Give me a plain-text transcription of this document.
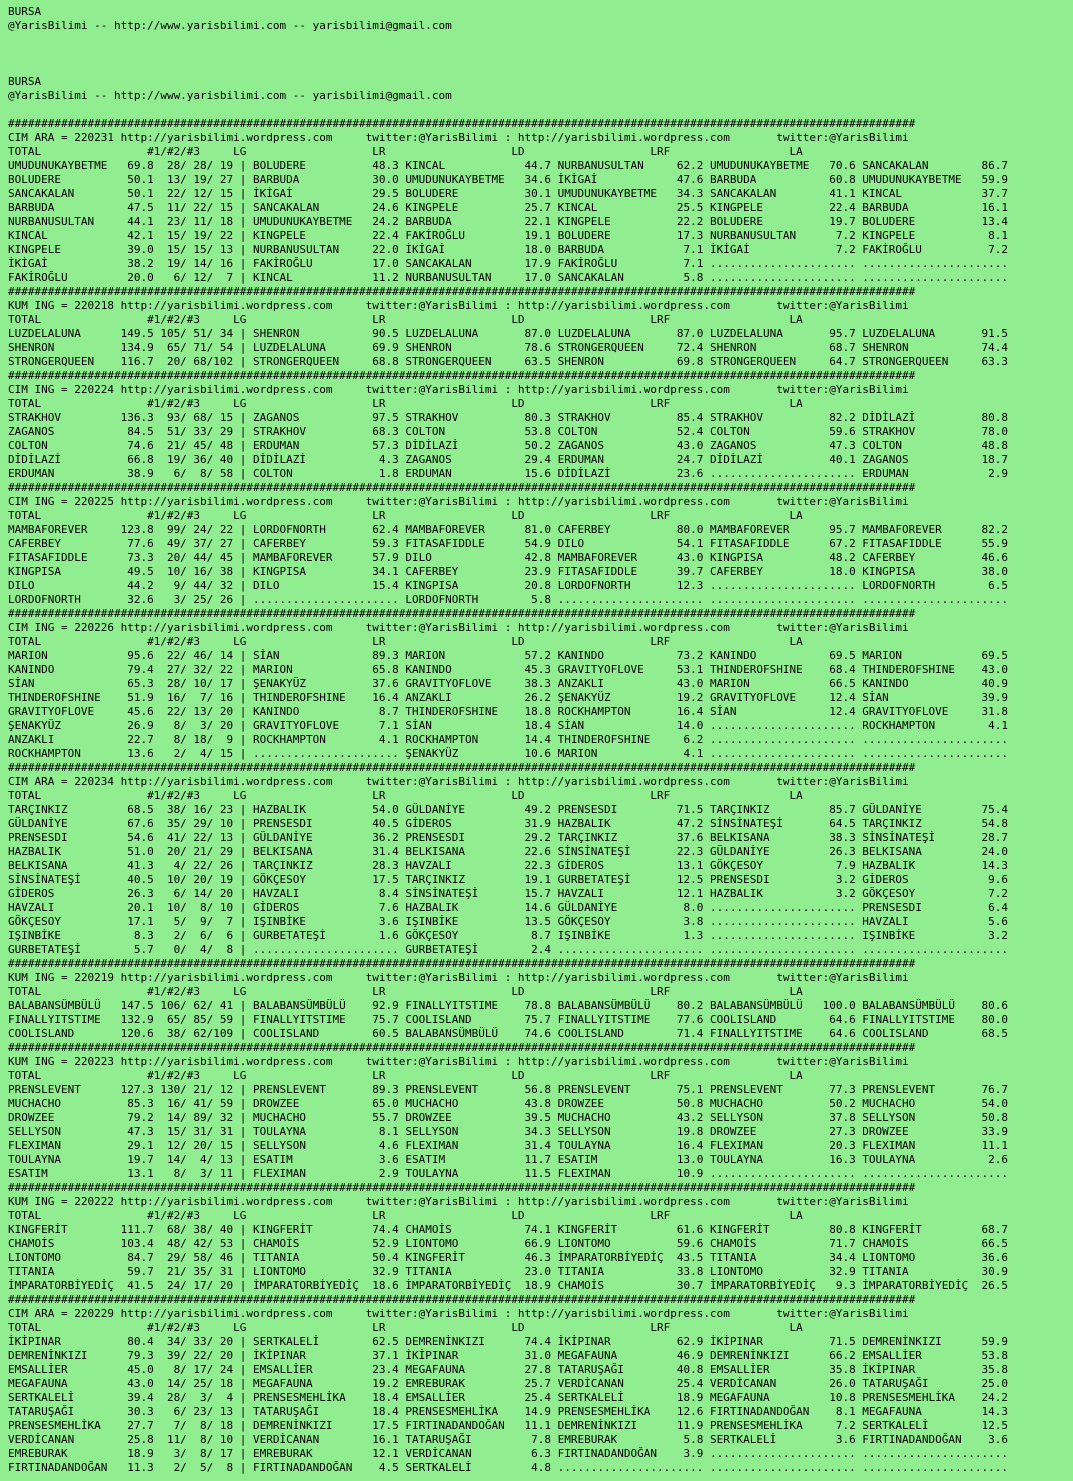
BURSA
@YarisBilimi -- http://www.yarisbilimi.com -- yarisbilimi@gmail.com

BURSA
@YarisBilimi -- http://www.yarisbilimi.com -- yarisbilimi@gmail.com

#########################################################################################################################################
CIM ARA = 220231 http://yarisbilimi.wordpress.com     twitter:@YarisBilimi : http://yarisbilimi.wordpress.com       twitter:@YarisBilimi
TOTAL                #1/#2/#3     LG                   LR                   LD                   LRF                  LA
UMUDUNUKAYBETME   69.8  28/ 28/ 19 | BOLUDERE          48.3 KINCAL            44.7 NURBANUSULTAN     62.2 UMUDUNUKAYBETME   70.6 SANCAKALAN        86.7
BOLUDERE          50.1  13/ 19/ 27 | BARBUDA           30.0 UMUDUNUKAYBETME   34.6 İKİGAİ            47.6 BARBUDA           60.8 UMUDUNUKAYBETME   59.9
SANCAKALAN        50.1  22/ 12/ 15 | İKİGAİ            29.5 BOLUDERE          30.1 UMUDUNUKAYBETME   34.3 SANCAKALAN        41.1 KINCAL            37.7
BARBUDA           47.5  11/ 22/ 15 | SANCAKALAN        24.6 KINGPELE          25.7 KINCAL            25.5 KINGPELE          22.4 BARBUDA           16.1
NURBANUSULTAN     44.1  23/ 11/ 18 | UMUDUNUKAYBETME   24.2 BARBUDA           22.1 KINGPELE          22.2 BOLUDERE          19.7 BOLUDERE          13.4
KINCAL            42.1  15/ 19/ 22 | KINGPELE          22.4 FAKİROĞLU         19.1 BOLUDERE          17.3 NURBANUSULTAN      7.2 KINGPELE           8.1
KINGPELE          39.0  15/ 15/ 13 | NURBANUSULTAN     22.0 İKİGAİ            18.0 BARBUDA            7.1 İKİGAİ             7.2 FAKİROĞLU          7.2
İKİGAİ            38.2  19/ 14/ 16 | FAKİROĞLU         17.0 SANCAKALAN        17.9 FAKİROĞLU          7.1 ...................... ......................
FAKİROĞLU         20.0   6/ 12/  7 | KINCAL            11.2 NURBANUSULTAN     17.0 SANCAKALAN         5.8 ...................... ......................
#########################################################################################################################################
KUM ING = 220218 http://yarisbilimi.wordpress.com     twitter:@YarisBilimi : http://yarisbilimi.wordpress.com       twitter:@YarisBilimi
TOTAL                #1/#2/#3     LG                   LR                   LD                   LRF                  LA
LUZDELALUNA      149.5 105/ 51/ 34 | SHENRON           90.5 LUZDELALUNA       87.0 LUZDELALUNA       87.0 LUZDELALUNA       95.7 LUZDELALUNA       91.5
SHENRON          134.9  65/ 71/ 54 | LUZDELALUNA       69.9 SHENRON           78.6 STRONGERQUEEN     72.4 SHENRON           68.7 SHENRON           74.4
STRONGERQUEEN    116.7  20/ 68/102 | STRONGERQUEEN     68.8 STRONGERQUEEN     63.5 SHENRON           69.8 STRONGERQUEEN     64.7 STRONGERQUEEN     63.3
#########################################################################################################################################
CIM ING = 220224 http://yarisbilimi.wordpress.com     twitter:@YarisBilimi : http://yarisbilimi.wordpress.com       twitter:@YarisBilimi
TOTAL                #1/#2/#3     LG                   LR                   LD                   LRF                  LA
STRAKHOV         136.3  93/ 68/ 15 | ZAGANOS           97.5 STRAKHOV          80.3 STRAKHOV          85.4 STRAKHOV          82.2 DİDİLAZİ          80.8
ZAGANOS           84.5  51/ 33/ 29 | STRAKHOV          68.3 COLTON            53.8 COLTON            52.4 COLTON            59.6 STRAKHOV          78.0
COLTON            74.6  21/ 45/ 48 | ERDUMAN           57.3 DİDİLAZİ          50.2 ZAGANOS           43.0 ZAGANOS           47.3 COLTON            48.8
DİDİLAZİ          66.8  19/ 36/ 40 | DİDİLAZİ           4.3 ZAGANOS           29.4 ERDUMAN           24.7 DİDİLAZİ          40.1 ZAGANOS           18.7
ERDUMAN           38.9   6/  8/ 58 | COLTON             1.8 ERDUMAN           15.6 DİDİLAZİ          23.6 ...................... ERDUMAN            2.9
#########################################################################################################################################
CIM ING = 220225 http://yarisbilimi.wordpress.com     twitter:@YarisBilimi : http://yarisbilimi.wordpress.com       twitter:@YarisBilimi
TOTAL                #1/#2/#3     LG                   LR                   LD                   LRF                  LA
MAMBAFOREVER     123.8  99/ 24/ 22 | LORDOFNORTH       62.4 MAMBAFOREVER      81.0 CAFERBEY          80.0 MAMBAFOREVER      95.7 MAMBAFOREVER      82.2
CAFERBEY          77.6  49/ 37/ 27 | CAFERBEY          59.3 FITASAFIDDLE      54.9 DILO              54.1 FITASAFIDDLE      67.2 FITASAFIDDLE      55.9
FITASAFIDDLE      73.3  20/ 44/ 45 | MAMBAFOREVER      57.9 DILO              42.8 MAMBAFOREVER      43.0 KINGPISA          48.2 CAFERBEY          46.6
KINGPISA          49.5  10/ 16/ 38 | KINGPISA          34.1 CAFERBEY          23.9 FITASAFIDDLE      39.7 CAFERBEY          18.0 KINGPISA          38.0
DILO              44.2   9/ 44/ 32 | DILO              15.4 KINGPISA          20.8 LORDOFNORTH       12.3 ...................... LORDOFNORTH        6.5
LORDOFNORTH       32.6   3/ 25/ 26 | ...................... LORDOFNORTH        5.8 ...................... ...................... ......................
#########################################################################################################################################
CIM ING = 220226 http://yarisbilimi.wordpress.com     twitter:@YarisBilimi : http://yarisbilimi.wordpress.com       twitter:@YarisBilimi
TOTAL                #1/#2/#3     LG                   LR                   LD                   LRF                  LA
MARION            95.6  22/ 46/ 14 | SİAN              89.3 MARION            57.2 KANINDO           73.2 KANINDO           69.5 MARION            69.5
KANINDO           79.4  27/ 32/ 22 | MARION            65.8 KANINDO           45.3 GRAVITYOFLOVE     53.1 THINDEROFSHINE    68.4 THINDEROFSHINE    43.0
SİAN              65.3  28/ 10/ 17 | ŞENAKYÜZ          37.6 GRAVITYOFLOVE     38.3 ANZAKLI           43.0 MARION            66.5 KANINDO           40.9
THINDEROFSHINE    51.9  16/  7/ 16 | THINDEROFSHINE    16.4 ANZAKLI           26.2 ŞENAKYÜZ          19.2 GRAVITYOFLOVE     12.4 SİAN              39.9
GRAVITYOFLOVE     45.6  22/ 13/ 20 | KANINDO            8.7 THINDEROFSHINE    18.8 ROCKHAMPTON       16.4 SİAN              12.4 GRAVITYOFLOVE     31.8
ŞENAKYÜZ          26.9   8/  3/ 20 | GRAVITYOFLOVE      7.1 SİAN              18.4 SİAN              14.0 ...................... ROCKHAMPTON        4.1
ANZAKLI           22.7   8/ 18/  9 | ROCKHAMPTON        4.1 ROCKHAMPTON       14.4 THINDEROFSHINE     6.2 ...................... ......................
ROCKHAMPTON       13.6   2/  4/ 15 | ...................... ŞENAKYÜZ          10.6 MARION             4.1 ...................... ......................
#########################################################################################################################################
CIM ARA = 220234 http://yarisbilimi.wordpress.com     twitter:@YarisBilimi : http://yarisbilimi.wordpress.com       twitter:@YarisBilimi
TOTAL                #1/#2/#3     LG                   LR                   LD                   LRF                  LA
TARÇINKIZ         68.5  38/ 16/ 23 | HAZBALIK          54.0 GÜLDANİYE         49.2 PRENSESDI         71.5 TARÇINKIZ         85.7 GÜLDANİYE         75.4
GÜLDANİYE         67.6  35/ 29/ 10 | PRENSESDI         40.5 GİDEROS           31.9 HAZBALIK          47.2 SİNSİNATEŞİ       64.5 TARÇINKIZ         54.8
PRENSESDI         54.6  41/ 22/ 13 | GÜLDANİYE         36.2 PRENSESDI         29.2 TARÇINKIZ         37.6 BELKISANA         38.3 SİNSİNATEŞİ       28.7
HAZBALIK          51.0  20/ 21/ 29 | BELKISANA         31.4 BELKISANA         22.6 SİNSİNATEŞİ       22.3 GÜLDANİYE         26.3 BELKISANA         24.0
BELKISANA         41.3   4/ 22/ 26 | TARÇINKIZ         28.3 HAVZALI           22.3 GİDEROS           13.1 GÖKÇESOY           7.9 HAZBALIK          14.3
SİNSİNATEŞİ       40.5  10/ 20/ 19 | GÖKÇESOY          17.5 TARÇINKIZ         19.1 GURBETATEŞİ       12.5 PRENSESDI          3.2 GİDEROS            9.6
GİDEROS           26.3   6/ 14/ 20 | HAVZALI            8.4 SİNSİNATEŞİ       15.7 HAVZALI           12.1 HAZBALIK           3.2 GÖKÇESOY           7.2
HAVZALI           20.1  10/  8/ 10 | GİDEROS            7.6 HAZBALIK          14.6 GÜLDANİYE          8.0 ...................... PRENSESDI          6.4
GÖKÇESOY          17.1   5/  9/  7 | IŞINBİKE           3.6 IŞINBİKE          13.5 GÖKÇESOY           3.8 ...................... HAVZALI            5.6
IŞINBİKE           8.3   2/  6/  6 | GURBETATEŞİ        1.6 GÖKÇESOY           8.7 IŞINBİKE           1.3 ...................... IŞINBİKE           3.2
GURBETATEŞİ        5.7   0/  4/  8 | ...................... GURBETATEŞİ        2.4 ...................... ...................... ......................
#########################################################################################################################################
KUM ING = 220219 http://yarisbilimi.wordpress.com     twitter:@YarisBilimi : http://yarisbilimi.wordpress.com       twitter:@YarisBilimi
TOTAL                #1/#2/#3     LG                   LR                   LD                   LRF                  LA
BALABANSÜMBÜLÜ   147.5 106/ 62/ 41 | BALABANSÜMBÜLÜ    92.9 FINALLYITSTIME    78.8 BALABANSÜMBÜLÜ    80.2 BALABANSÜMBÜLÜ   100.0 BALABANSÜMBÜLÜ    80.6
FINALLYITSTIME   132.9  65/ 85/ 59 | FINALLYITSTIME    75.7 COOLISLAND        75.7 FINALLYITSTIME    77.6 COOLISLAND        64.6 FINALLYITSTIME    80.0
COOLISLAND       120.6  38/ 62/109 | COOLISLAND        60.5 BALABANSÜMBÜLÜ    74.6 COOLISLAND        71.4 FINALLYITSTIME    64.6 COOLISLAND        68.5
#########################################################################################################################################
KUM ING = 220223 http://yarisbilimi.wordpress.com     twitter:@YarisBilimi : http://yarisbilimi.wordpress.com       twitter:@YarisBilimi
TOTAL                #1/#2/#3     LG                   LR                   LD                   LRF                  LA
PRENSLEVENT      127.3 130/ 21/ 12 | PRENSLEVENT       89.3 PRENSLEVENT       56.8 PRENSLEVENT       75.1 PRENSLEVENT       77.3 PRENSLEVENT       76.7
MUCHACHO          85.3  16/ 41/ 59 | DROWZEE           65.0 MUCHACHO          43.8 DROWZEE           50.8 MUCHACHO          50.2 MUCHACHO          54.0
DROWZEE           79.2  14/ 89/ 32 | MUCHACHO          55.7 DROWZEE           39.5 MUCHACHO          43.2 SELLYSON          37.8 SELLYSON          50.8
SELLYSON          47.3  15/ 31/ 31 | TOULAYNA           8.1 SELLYSON          34.3 SELLYSON          19.8 DROWZEE           27.3 DROWZEE           33.9
FLEXIMAN          29.1  12/ 20/ 15 | SELLYSON           4.6 FLEXIMAN          31.4 TOULAYNA          16.4 FLEXIMAN          20.3 FLEXIMAN          11.1
TOULAYNA          19.7  14/  4/ 13 | ESATIM             3.6 ESATIM            11.7 ESATIM            13.0 TOULAYNA          16.3 TOULAYNA           2.6
ESATIM            13.1   8/  3/ 11 | FLEXIMAN           2.9 TOULAYNA          11.5 FLEXIMAN          10.9 ...................... ......................
#########################################################################################################################################
KUM ING = 220222 http://yarisbilimi.wordpress.com     twitter:@YarisBilimi : http://yarisbilimi.wordpress.com       twitter:@YarisBilimi
TOTAL                #1/#2/#3     LG                   LR                   LD                   LRF                  LA
KINGFERİT        111.7  68/ 38/ 40 | KINGFERİT         74.4 CHAMOİS           74.1 KINGFERİT         61.6 KINGFERİT         80.8 KINGFERİT         68.7
CHAMOİS          103.4  48/ 42/ 53 | CHAMOİS           52.9 LIONTOMO          66.9 LIONTOMO          59.6 CHAMOİS           71.7 CHAMOİS           66.5
LIONTOMO          84.7  29/ 58/ 46 | TITANIA           50.4 KINGFERİT         46.3 İMPARATORBİYEDİÇ  43.5 TITANIA           34.4 LIONTOMO          36.6
TITANIA           59.7  21/ 35/ 31 | LIONTOMO          32.9 TITANIA           23.0 TITANIA           33.8 LIONTOMO          32.9 TITANIA           30.9
İMPARATORBİYEDİÇ  41.5  24/ 17/ 20 | İMPARATORBİYEDİÇ  18.6 İMPARATORBİYEDİÇ  18.9 CHAMOİS           30.7 İMPARATORBİYEDİÇ   9.3 İMPARATORBİYEDİÇ  26.5
#########################################################################################################################################
CIM ARA = 220229 http://yarisbilimi.wordpress.com     twitter:@YarisBilimi : http://yarisbilimi.wordpress.com       twitter:@YarisBilimi
TOTAL                #1/#2/#3     LG                   LR                   LD                   LRF                  LA
İKİPINAR          80.4  34/ 33/ 20 | SERTKALELİ        62.5 DEMRENİNKIZI      74.4 İKİPINAR          62.9 İKİPINAR          71.5 DEMRENİNKIZI      59.9
DEMRENİNKIZI      79.3  39/ 22/ 20 | İKİPINAR          37.1 İKİPINAR          31.0 MEGAFAUNA         46.9 DEMRENİNKIZI      66.2 EMSALLİER         53.8
EMSALLİER         45.0   8/ 17/ 24 | EMSALLİER         23.4 MEGAFAUNA         27.8 TATARUŞAĞI        40.8 EMSALLİER         35.8 İKİPINAR          35.8
MEGAFAUNA         43.0  14/ 25/ 18 | MEGAFAUNA         19.2 EMREBURAK         25.7 VERDİCANAN        25.4 VERDİCANAN        26.0 TATARUŞAĞI        25.0
SERTKALELİ        39.4  28/  3/  4 | PRENSESMEHLİKA    18.4 EMSALLİER         25.4 SERTKALELİ        18.9 MEGAFAUNA         10.8 PRENSESMEHLİKA    24.2
TATARUŞAĞI        30.3   6/ 23/ 13 | TATARUŞAĞI        18.4 PRENSESMEHLİKA    14.9 PRENSESMEHLİKA    12.6 FIRTINADANDOĞAN    8.1 MEGAFAUNA         14.3
PRENSESMEHLİKA    27.7   7/  8/ 18 | DEMRENİNKIZI      17.5 FIRTINADANDOĞAN   11.1 DEMRENİNKIZI      11.9 PRENSESMEHLİKA     7.2 SERTKALELİ        12.5
VERDİCANAN        25.8  11/  8/ 10 | VERDİCANAN        16.1 TATARUŞAĞI         7.8 EMREBURAK          5.8 SERTKALELİ         3.6 FIRTINADANDOĞAN    3.6
EMREBURAK         18.9   3/  8/ 17 | EMREBURAK         12.1 VERDİCANAN         6.3 FIRTINADANDOĞAN    3.9 ...................... ......................
FIRTINADANDOĞAN   11.3   2/  5/  8 | FIRTINADANDOĞAN    4.5 SERTKALELİ         4.8 ...................... ...................... ......................
